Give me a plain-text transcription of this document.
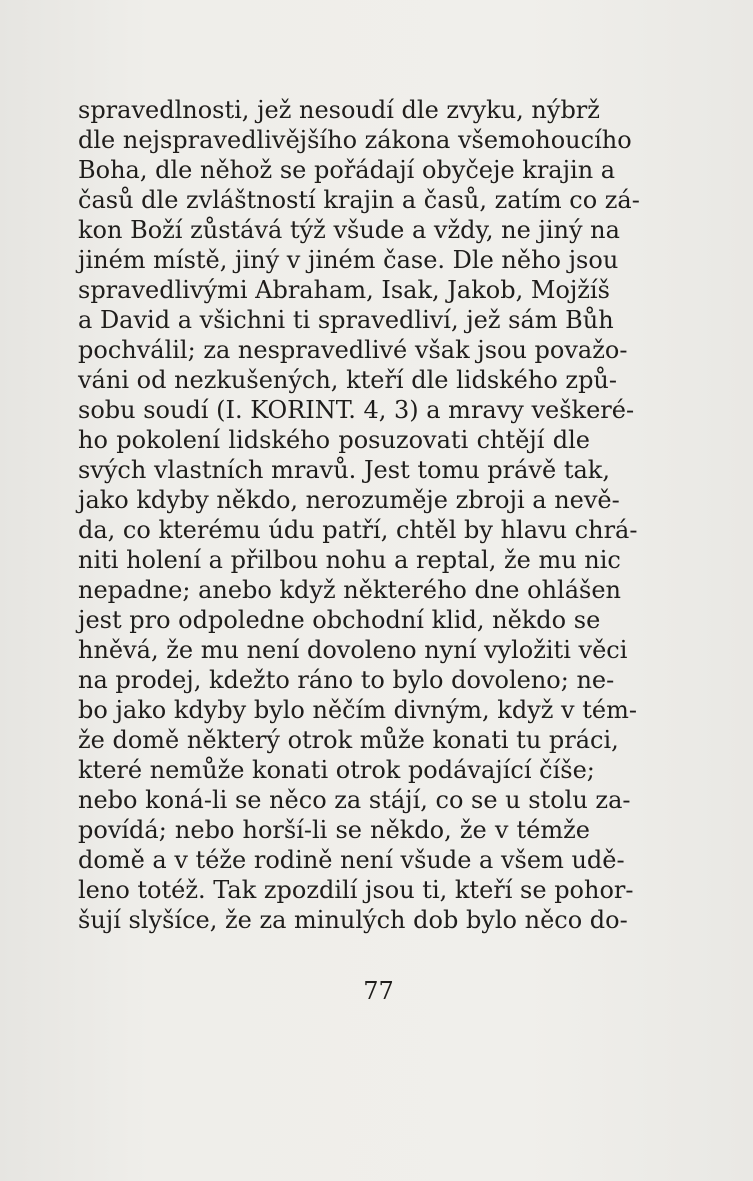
spravedlnosti, jež nesoudí dle zvyku, nýbrž
dle nejspravedlivějšího zákona všemohoucího
Boha, dle něhož se pořádají obyčeje krajin a
časů dle zvláštností krajin a časů, zatím co zá-
kon Boží zůstává týž všude a vždy, ne jiný na
jiném místě, jiný v jiném čase. Dle něho jsou
spravedlivými Abraham, Isak, Jakob, Mojžíš
a David a všichni ti spravedliví, jež sám Bůh
pochválil; za nespravedlivé však jsou považo-
váni od nezkušených, kteří dle lidského způ-
sobu soudí (I. KORINT. 4, 3) a mravy veškeré-
ho pokolení lidského posuzovati chtějí dle
svých vlastních mravů. Jest tomu právě tak,
jako kdyby někdo, nerozuměje zbroji a nevě-
da, co kterému údu patří, chtěl by hlavu chrá-
niti holení a přilbou nohu a reptal, že mu nic
nepadne; anebo když některého dne ohlášen
jest pro odpoledne obchodní klid, někdo se
hněvá, že mu není dovoleno nyní vyložiti věci
na prodej, kdežto ráno to bylo dovoleno; ne-
bo jako kdyby bylo něčím divným, když v tém-
že domě některý otrok může konati tu práci,
které nemůže konati otrok podávající číše;
nebo koná-li se něco za stájí, co se u stolu za-
povídá; nebo horší-li se někdo, že v témže
domě a v téže rodině není všude a všem udě-
leno totéž. Tak zpozdilí jsou ti, kteří se pohor-
šují slyšíce, že za minulých dob bylo něco do-
77
